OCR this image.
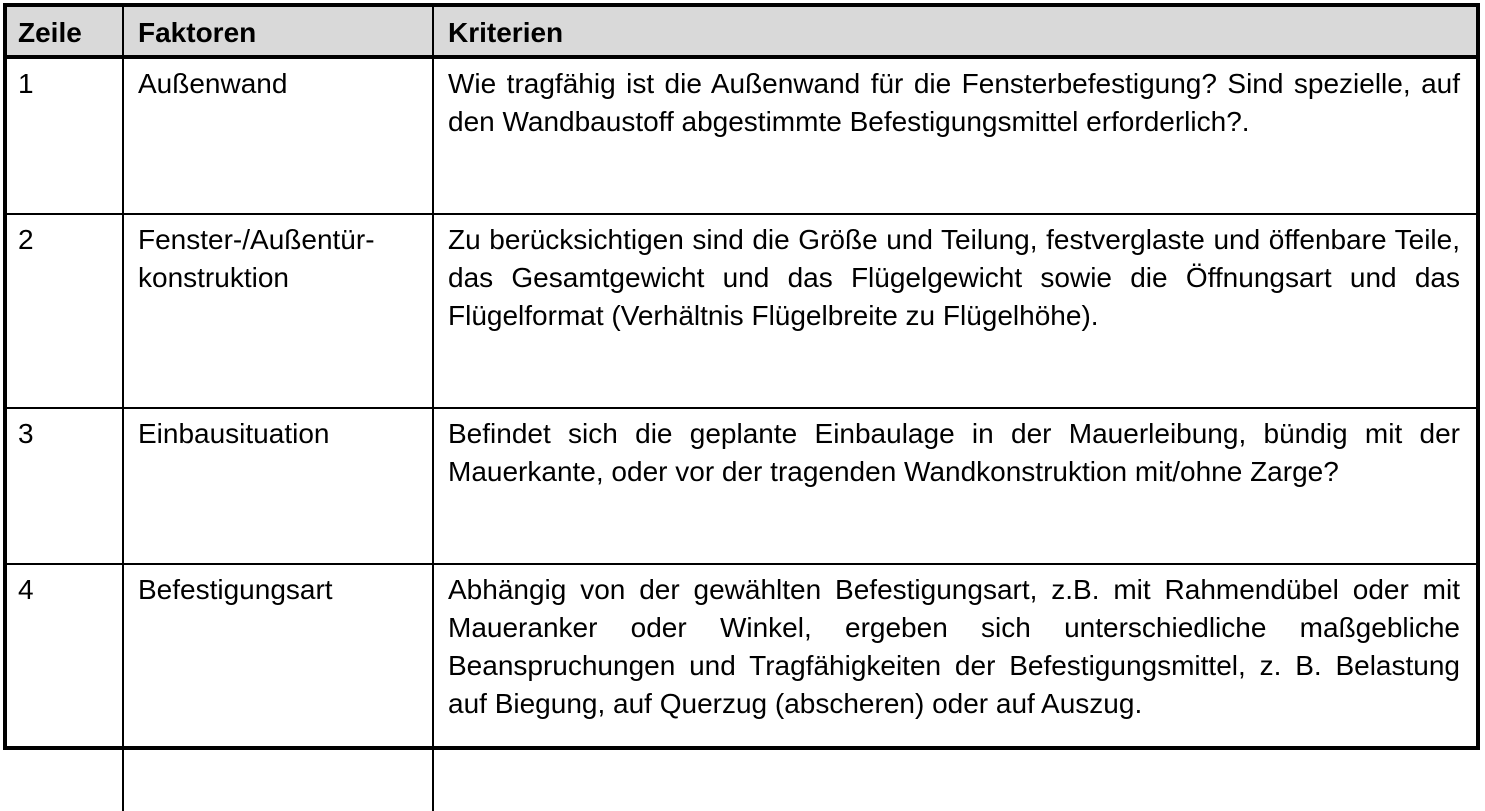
Zeile	Faktoren	Kriterien
1	Außenwand	Wie tragfähig ist die Außenwand für die Fensterbefestigung? Sind spezielle, auf den Wandbaustoff abgestimmte Befestigungsmittel erforderlich?.
2	Fenster-/Außentürkonstruktion	Zu berücksichtigen sind die Größe und Teilung, festverglaste und öffenbare Teile, das Gesamtgewicht und das Flügelgewicht sowie die Öffnungsart und das Flügelformat (Verhältnis Flügelbreite zu Flügelhöhe).
3	Einbausituation	Befindet sich die geplante Einbaulage in der Mauerleibung, bündig mit der Mauerkante, oder vor der tragenden Wandkonstruktion mit/ohne Zarge?
4	Befestigungsart	Abhängig von der gewählten Befestigungsart, z.B. mit Rahmendübel oder mit Maueranker oder Winkel, ergeben sich unterschiedliche maßgebliche Beanspruchungen und Tragfähigkeiten der Befestigungsmittel, z. B. Belastung auf Biegung, auf Querzug (abscheren) oder auf Auszug.
